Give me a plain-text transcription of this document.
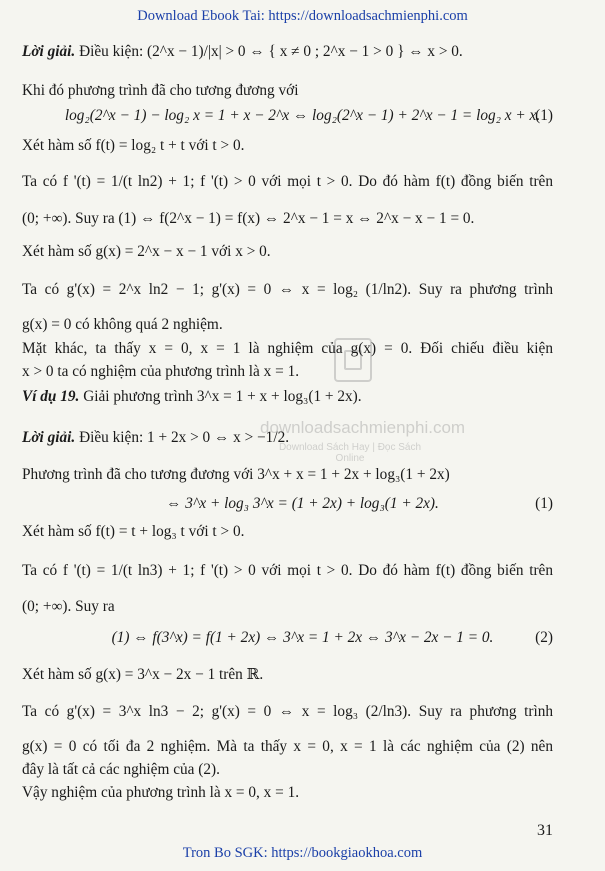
Download Ebook Tai: https://downloadsachmienphi.com
downloadsachmienphi.com
Download Sách Hay | Đọc Sách Online
Lời giải. Điều kiện: (2^x − 1)/|x| > 0 ⇔ { x ≠ 0 ; 2^x − 1 > 0 } ⇔ x > 0.
Khi đó phương trình đã cho tương đương với
log₂(2^x − 1) − log₂ x = 1 + x − 2^x ⇔ log₂(2^x − 1) + 2^x − 1 = log₂ x + x.
(1)
Xét hàm số f(t) = log₂ t + t với t > 0.
Ta có f '(t) = 1/(t ln2) + 1; f '(t) > 0 với mọi t > 0. Do đó hàm f(t) đồng biến trên
(0; +∞). Suy ra (1) ⇔ f(2^x − 1) = f(x) ⇔ 2^x − 1 = x ⇔ 2^x − x − 1 = 0.
Xét hàm số g(x) = 2^x − x − 1 với x > 0.
Ta có g'(x) = 2^x ln2 − 1; g'(x) = 0 ⇔ x = log₂ (1/ln2). Suy ra phương trình
g(x) = 0 có không quá 2 nghiệm.
Mặt khác, ta thấy x = 0, x = 1 là nghiệm của g(x) = 0. Đối chiếu điều kiện
x > 0 ta có nghiệm của phương trình là x = 1.
Ví dụ 19. Giải phương trình 3^x = 1 + x + log₃(1 + 2x).
Lời giải. Điều kiện: 1 + 2x > 0 ⇔ x > −1/2.
Phương trình đã cho tương đương với 3^x + x = 1 + 2x + log₃(1 + 2x)
⇔ 3^x + log₃ 3^x = (1 + 2x) + log₃(1 + 2x).	(1)
Xét hàm số f(t) = t + log₃ t với t > 0.
Ta có f '(t) = 1/(t ln3) + 1; f '(t) > 0 với mọi t > 0. Do đó hàm f(t) đồng biến trên
(0; +∞). Suy ra
(1) ⇔ f(3^x) = f(1 + 2x) ⇔ 3^x = 1 + 2x ⇔ 3^x − 2x − 1 = 0.	(2)
Xét hàm số g(x) = 3^x − 2x − 1 trên ℝ.
Ta có g'(x) = 3^x ln3 − 2; g'(x) = 0 ⇔ x = log₃ (2/ln3). Suy ra phương trình
g(x) = 0 có tối đa 2 nghiệm. Mà ta thấy x = 0, x = 1 là các nghiệm của (2) nên
đây là tất cả các nghiệm của (2).
Vậy nghiệm của phương trình là x = 0, x = 1.
31
Tron Bo SGK: https://bookgiaokhoa.com
